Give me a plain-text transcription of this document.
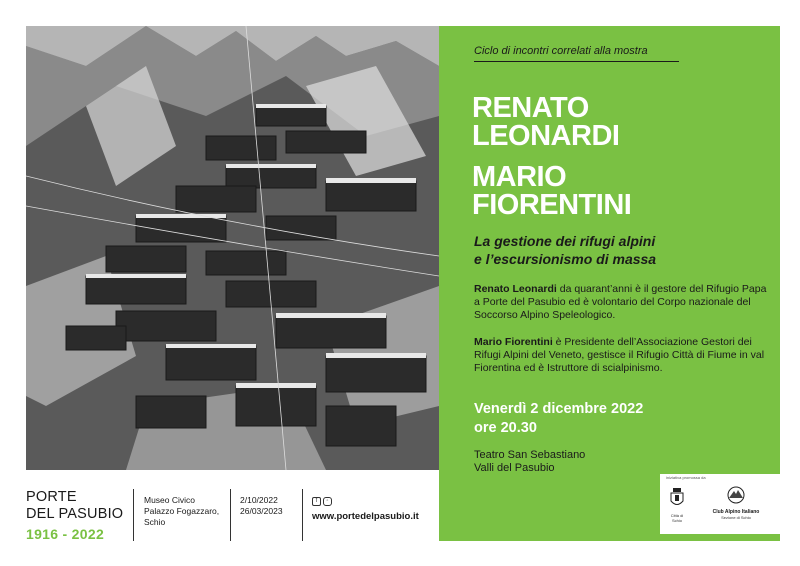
PORTE
DEL PASUBIO
1916 - 2022
Museo Civico
Palazzo Fogazzaro,
Schio
2/10/2022
26/03/2023
f	◦
www.portedelpasubio.it
Ciclo di incontri correlati alla mostra
RENATO LEONARDI
MARIO FIORENTINI
La gestione dei rifugi alpini
e l’escursionismo di massa
Renato Leonardi da quarant’anni è il gestore del Rifugio Papa a Porte del Pasubio ed è volontario del Corpo nazionale del Soccorso Alpino Speleologico.
Mario Fiorentini è Presidente dell’Associazione Gestori dei Rifugi Alpini del Veneto, gestisce il Rifugio Città di Fiume in val Fiorentina ed è Istruttore di scialpinismo.
Venerdì 2 dicembre 2022
ore 20.30
Teatro San Sebastiano
Valli del Pasubio
iniziativa promossa da
Città di Schio
Club Alpino Italiano
Sezione di Schio
